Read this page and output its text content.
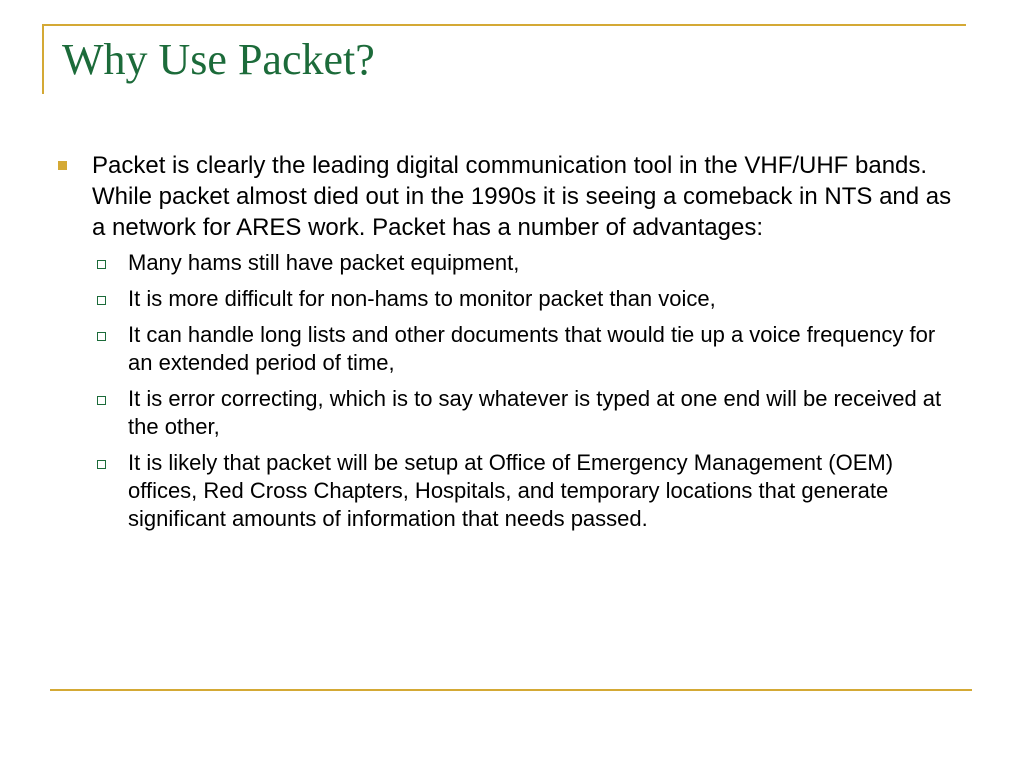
Why Use Packet?
Packet is clearly the leading digital communication tool in the VHF/UHF bands. While packet almost died out in the 1990s it is seeing a comeback in NTS and as a network for ARES work. Packet has a number of advantages:
Many hams still have packet equipment,
It is more difficult for non-hams to monitor packet than voice,
It can handle long lists and other documents that would tie up a voice frequency for an extended period of time,
It is error correcting, which is to say whatever is typed at one end will be received at the other,
It is likely that packet will be setup at Office of Emergency Management (OEM) offices, Red Cross Chapters, Hospitals, and temporary locations that generate significant amounts of information that needs passed.
